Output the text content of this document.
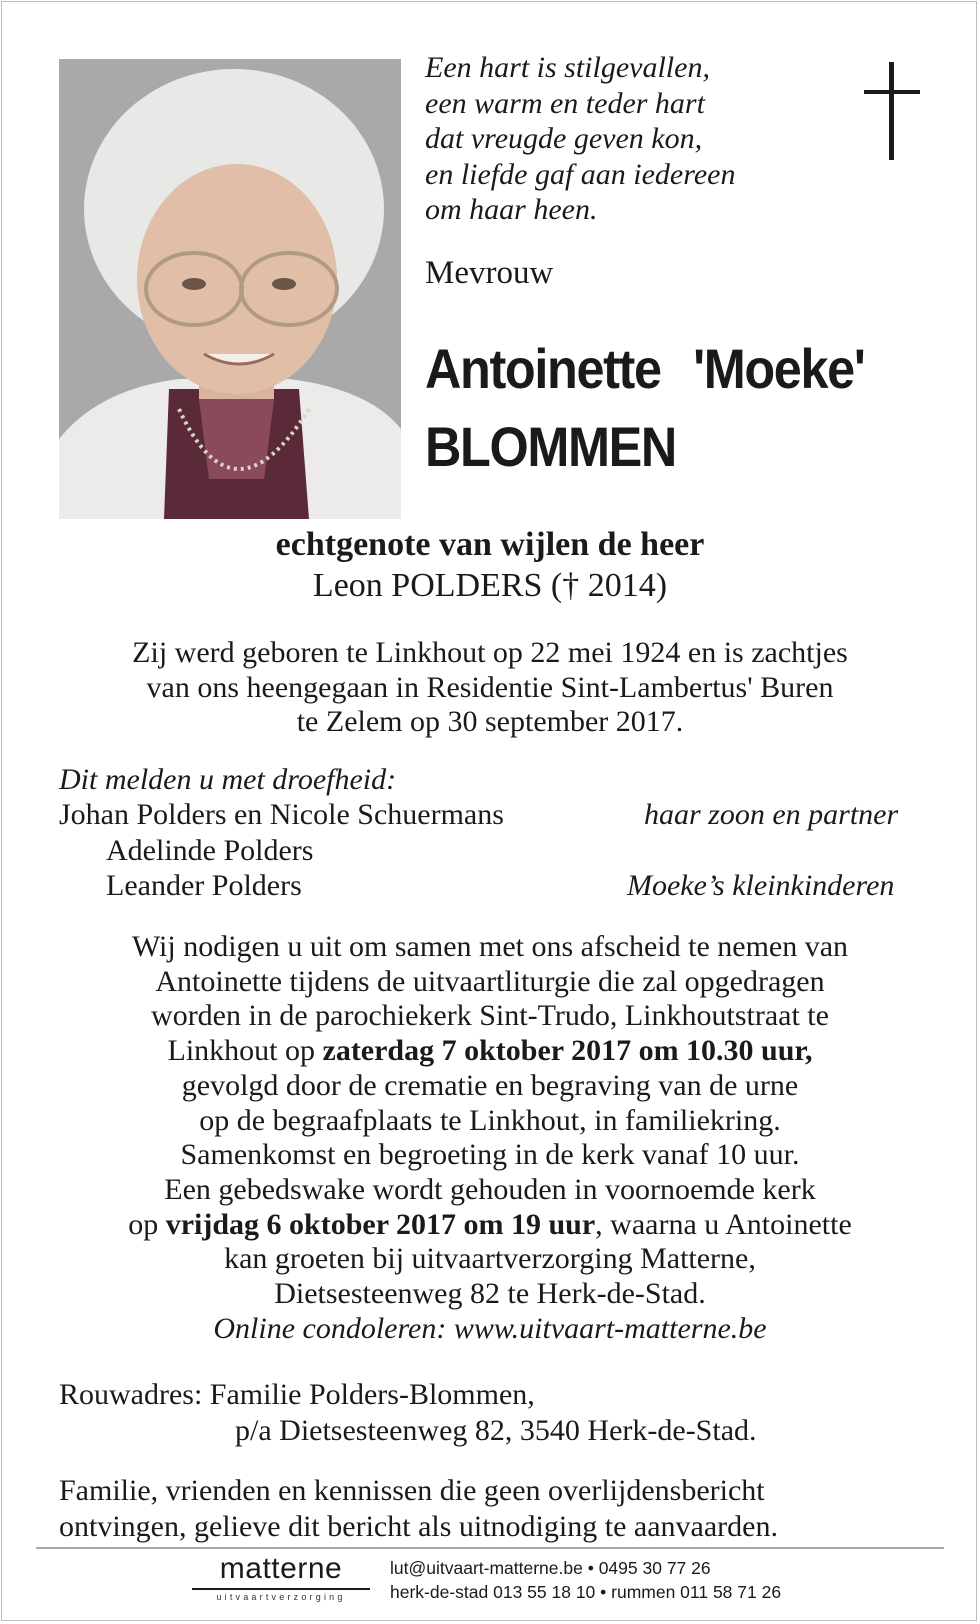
Een hart is stilgevallen,
een warm en teder hart
dat vreugde geven kon,
en liefde gaf aan iedereen
om haar heen.
Mevrouw
Antoinette 'Moeke'
BLOMMEN
echtgenote van wijlen de heer
Leon POLDERS († 2014)
Zij werd geboren te Linkhout op 22 mei 1924 en is zachtjes
van ons heengegaan in Residentie Sint-Lambertus' Buren
te Zelem op 30 september 2017.
Dit melden u met droefheid:
Johan Polders en Nicole Schuermans	haar zoon en partner
Adelinde Polders
Leander Polders	Moeke’s kleinkinderen
Wij nodigen u uit om samen met ons afscheid te nemen van
Antoinette tijdens de uitvaartliturgie die zal opgedragen
worden in de parochiekerk Sint-Trudo, Linkhoutstraat te
Linkhout op zaterdag 7 oktober 2017 om 10.30 uur,
gevolgd door de crematie en begraving van de urne
op de begraafplaats te Linkhout, in familiekring.
Samenkomst en begroeting in de kerk vanaf 10 uur.
Een gebedswake wordt gehouden in voornoemde kerk
op vrijdag 6 oktober 2017 om 19 uur, waarna u Antoinette
kan groeten bij uitvaartverzorging Matterne,
Dietsesteenweg 82 te Herk-de-Stad.
Online condoleren: www.uitvaart-matterne.be
Rouwadres: Familie Polders-Blommen,
p/a Dietsesteenweg 82, 3540 Herk-de-Stad.
Familie, vrienden en kennissen die geen overlijdensbericht
ontvingen, gelieve dit bericht als uitnodiging te aanvaarden.
matterne
uitvaartverzorging
lut@uitvaart-matterne.be • 0495 30 77 26
herk-de-stad 013 55 18 10 • rummen 011 58 71 26
